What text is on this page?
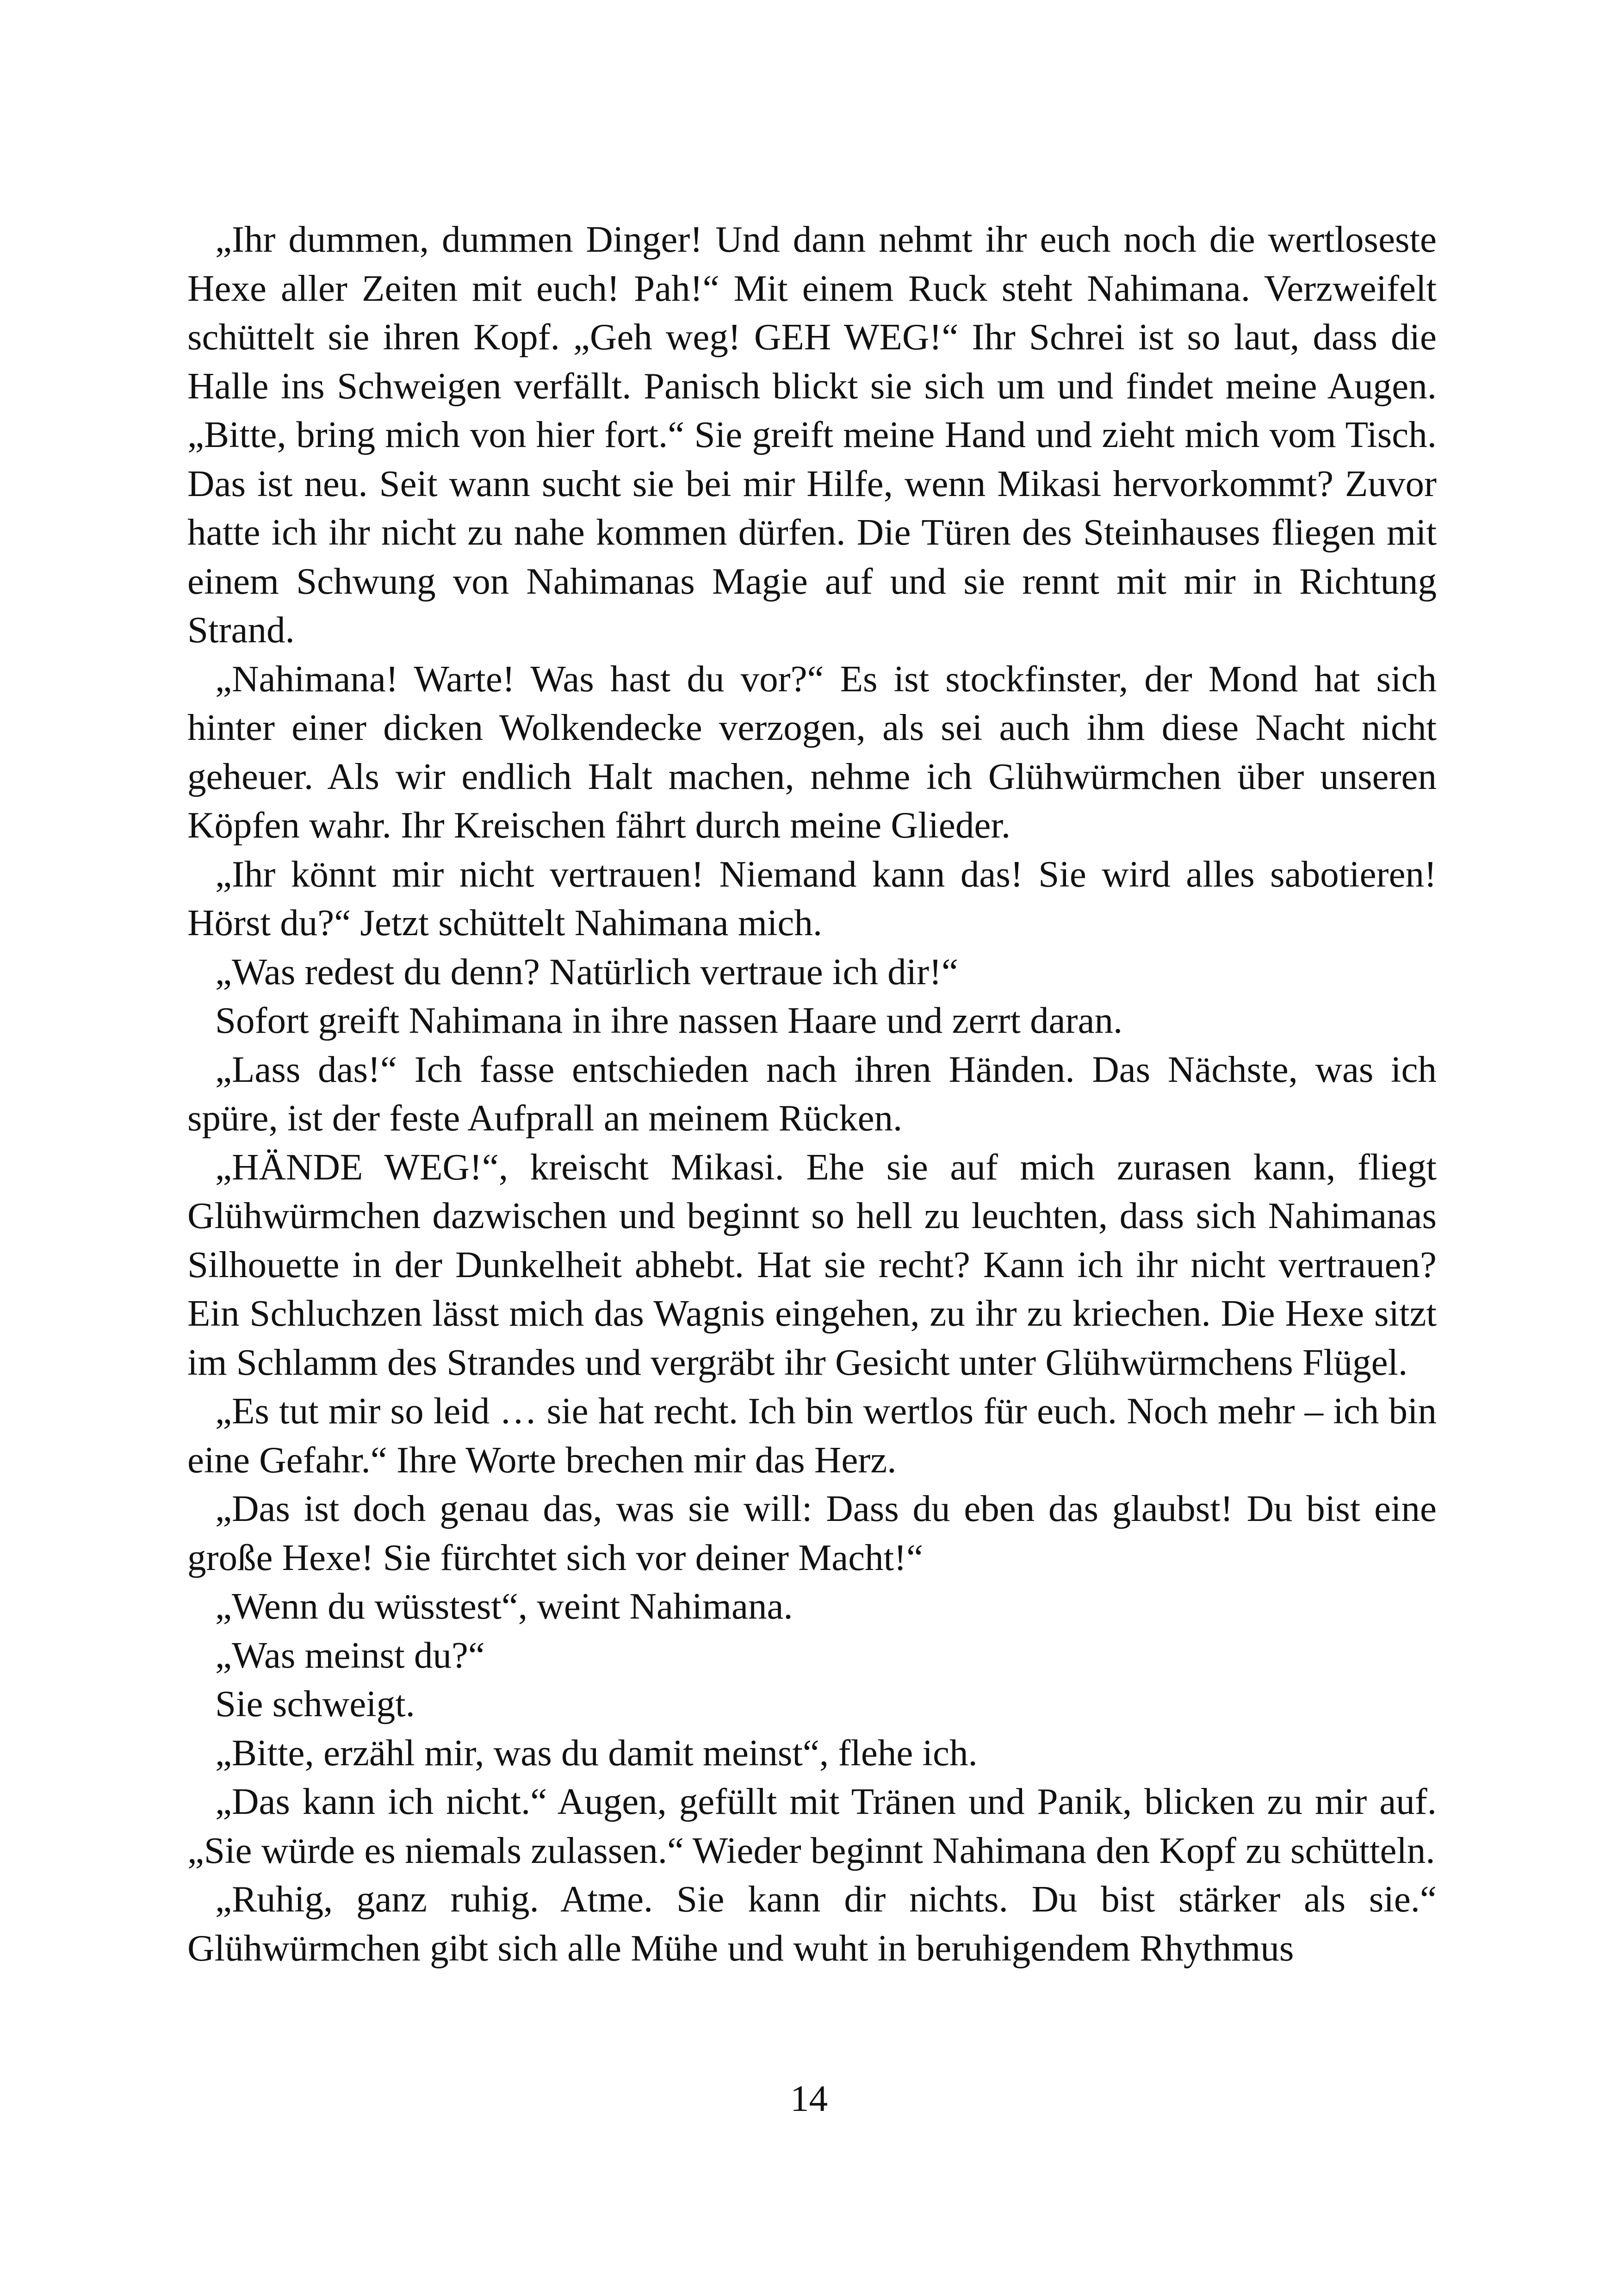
„Ihr dummen, dummen Dinger! Und dann nehmt ihr euch noch die wertloseste Hexe aller Zeiten mit euch! Pah!“ Mit einem Ruck steht Nahimana. Verzweifelt schüttelt sie ihren Kopf. „Geh weg! GEH WEG!“ Ihr Schrei ist so laut, dass die Halle ins Schweigen verfällt. Panisch blickt sie sich um und findet meine Augen. „Bitte, bring mich von hier fort.“ Sie greift meine Hand und zieht mich vom Tisch. Das ist neu. Seit wann sucht sie bei mir Hilfe, wenn Mikasi hervorkommt? Zuvor hatte ich ihr nicht zu nahe kommen dürfen. Die Türen des Steinhauses fliegen mit einem Schwung von Nahimanas Magie auf und sie rennt mit mir in Richtung Strand.

„Nahimana! Warte! Was hast du vor?“ Es ist stockfinster, der Mond hat sich hinter einer dicken Wolkendecke verzogen, als sei auch ihm diese Nacht nicht geheuer. Als wir endlich Halt machen, nehme ich Glühwürmchen über unseren Köpfen wahr. Ihr Kreischen fährt durch meine Glieder.

„Ihr könnt mir nicht vertrauen! Niemand kann das! Sie wird alles sabotieren! Hörst du?“ Jetzt schüttelt Nahimana mich.

„Was redest du denn? Natürlich vertraue ich dir!“

Sofort greift Nahimana in ihre nassen Haare und zerrt daran.

„Lass das!“ Ich fasse entschieden nach ihren Händen. Das Nächste, was ich spüre, ist der feste Aufprall an meinem Rücken.

„HÄNDE WEG!“, kreischt Mikasi. Ehe sie auf mich zurasen kann, fliegt Glühwürmchen dazwischen und beginnt so hell zu leuchten, dass sich Nahimanas Silhouette in der Dunkelheit abhebt. Hat sie recht? Kann ich ihr nicht vertrauen? Ein Schluchzen lässt mich das Wagnis eingehen, zu ihr zu kriechen. Die Hexe sitzt im Schlamm des Strandes und vergräbt ihr Gesicht unter Glühwürmchens Flügel.

„Es tut mir so leid … sie hat recht. Ich bin wertlos für euch. Noch mehr – ich bin eine Gefahr.“ Ihre Worte brechen mir das Herz.

„Das ist doch genau das, was sie will: Dass du eben das glaubst! Du bist eine große Hexe! Sie fürchtet sich vor deiner Macht!“

„Wenn du wüsstest“, weint Nahimana.

„Was meinst du?“

Sie schweigt.

„Bitte, erzähl mir, was du damit meinst“, flehe ich.

„Das kann ich nicht.“ Augen, gefüllt mit Tränen und Panik, blicken zu mir auf. „Sie würde es niemals zulassen.“ Wieder beginnt Nahimana den Kopf zu schütteln.

„Ruhig, ganz ruhig. Atme. Sie kann dir nichts. Du bist stärker als sie.“ Glühwürmchen gibt sich alle Mühe und wuht in beruhigendem Rhythmus

14
